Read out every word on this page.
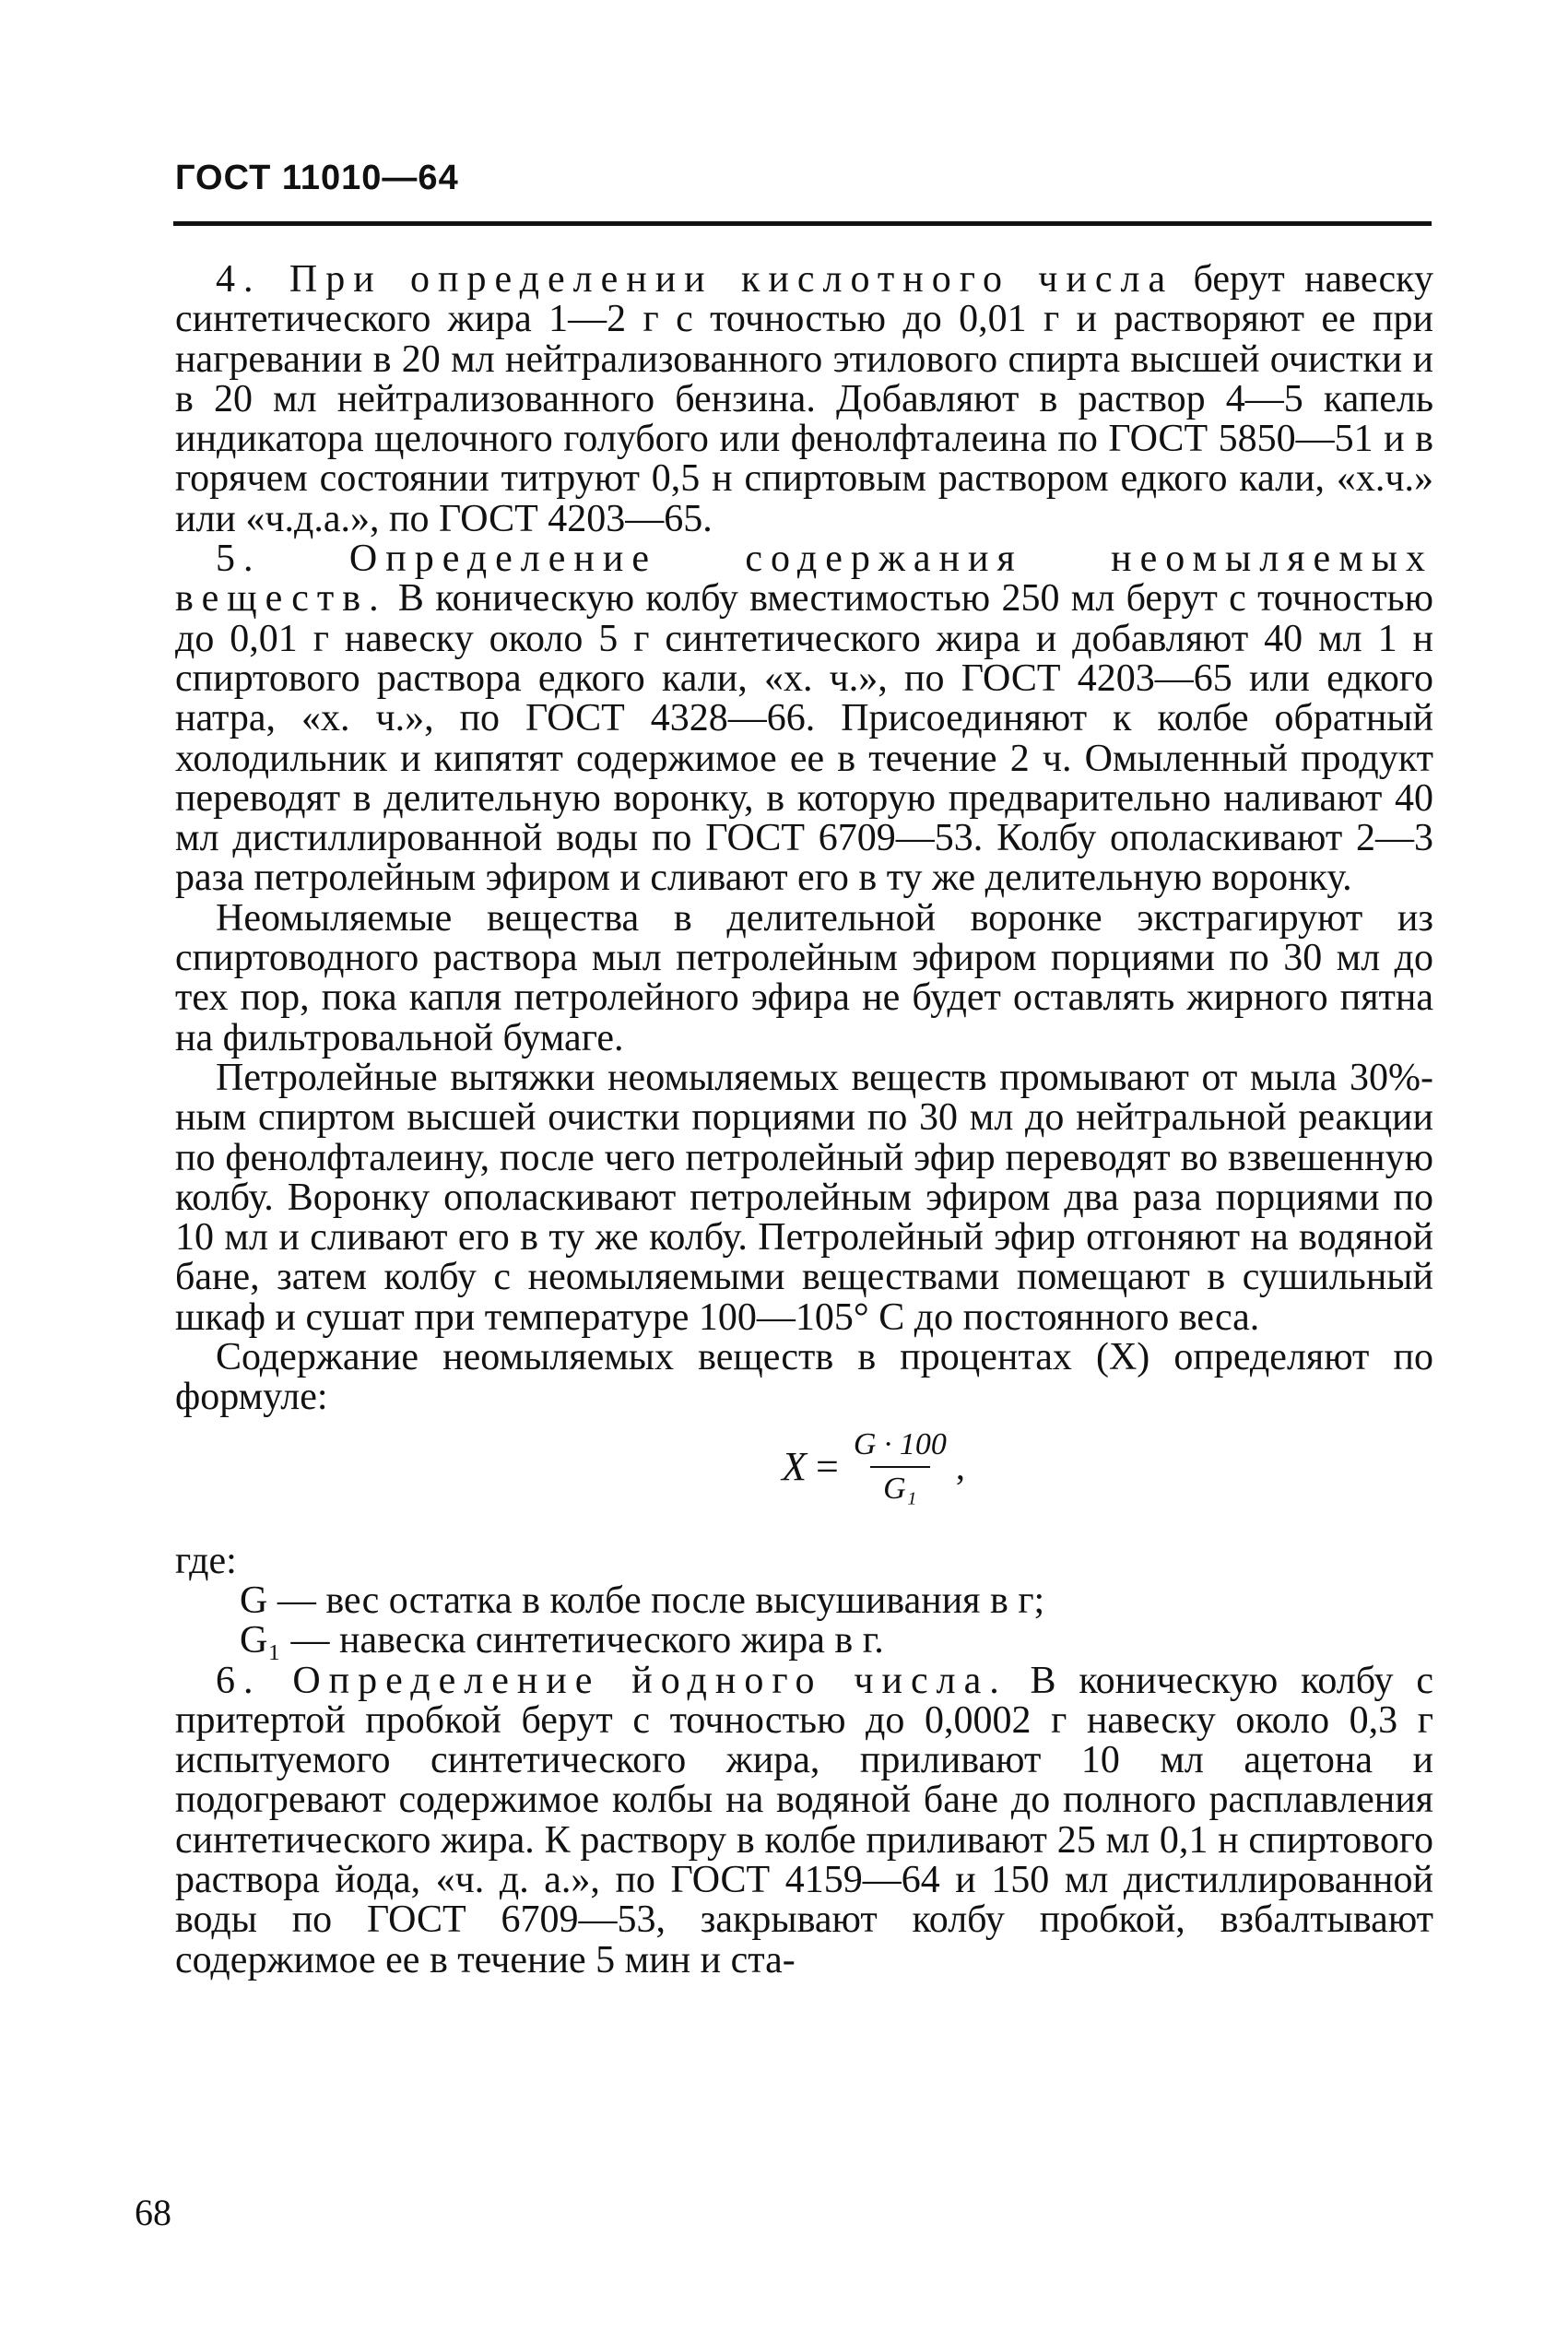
ГОСТ 11010—64

4. При определении кислотного числа берут навеску синтетического жира 1—2 г с точностью до 0,01 г и растворяют ее при нагревании в 20 мл нейтрализованного этилового спирта высшей очистки и в 20 мл нейтрализованного бензина. Добавляют в раствор 4—5 капель индикатора щелочного голубого или фенолфталеина по ГОСТ 5850—51 и в горячем состоянии титруют 0,5 н спиртовым раствором едкого кали, «х.ч.» или «ч.д.а.», по ГОСТ 4203—65.

5. Определение содержания неомыляемых веществ. В коническую колбу вместимостью 250 мл берут с точностью до 0,01 г навеску около 5 г синтетического жира и добавляют 40 мл 1 н спиртового раствора едкого кали, «х. ч.», по ГОСТ 4203—65 или едкого натра, «х. ч.», по ГОСТ 4328—66. Присоединяют к колбе обратный холодильник и кипятят содержимое ее в течение 2 ч. Омыленный продукт переводят в делительную воронку, в которую предварительно наливают 40 мл дистиллированной воды по ГОСТ 6709—53. Колбу ополаскивают 2—3 раза петролейным эфиром и сливают его в ту же делительную воронку.

Неомыляемые вещества в делительной воронке экстрагируют из спиртоводного раствора мыл петролейным эфиром порциями по 30 мл до тех пор, пока капля петролейного эфира не будет оставлять жирного пятна на фильтровальной бумаге.

Петролейные вытяжки неомыляемых веществ промывают от мыла 30%-ным спиртом высшей очистки порциями по 30 мл до нейтральной реакции по фенолфталеину, после чего петролейный эфир переводят во взвешенную колбу. Воронку ополаскивают петролейным эфиром два раза порциями по 10 мл и сливают его в ту же колбу. Петролейный эфир отгоняют на водяной бане, затем колбу с неомыляемыми веществами помещают в сушильный шкаф и сушат при температуре 100—105° С до постоянного веса.

Содержание неомыляемых веществ в процентах (X) определяют по формуле:

$X = \frac{G \cdot 100}{\text{G₁}}$ ,

где:

G — вес остатка в колбе после высушивания в г;

G₁ — навеска синтетического жира в г.

6. Определение йодного числа. В коническую колбу с притертой пробкой берут с точностью до 0,0002 г навеску около 0,3 г испытуемого синтетического жира, приливают 10 мл ацетона и подогревают содержимое колбы на водяной бане до полного расплавления синтетического жира. К раствору в колбе приливают 25 мл 0,1 н спиртового раствора йода, «ч. д. а.», по ГОСТ 4159—64 и 150 мл дистиллированной воды по ГОСТ 6709—53, закрывают колбу пробкой, взбалтывают содержимое ее в течение 5 мин и ста-

68
